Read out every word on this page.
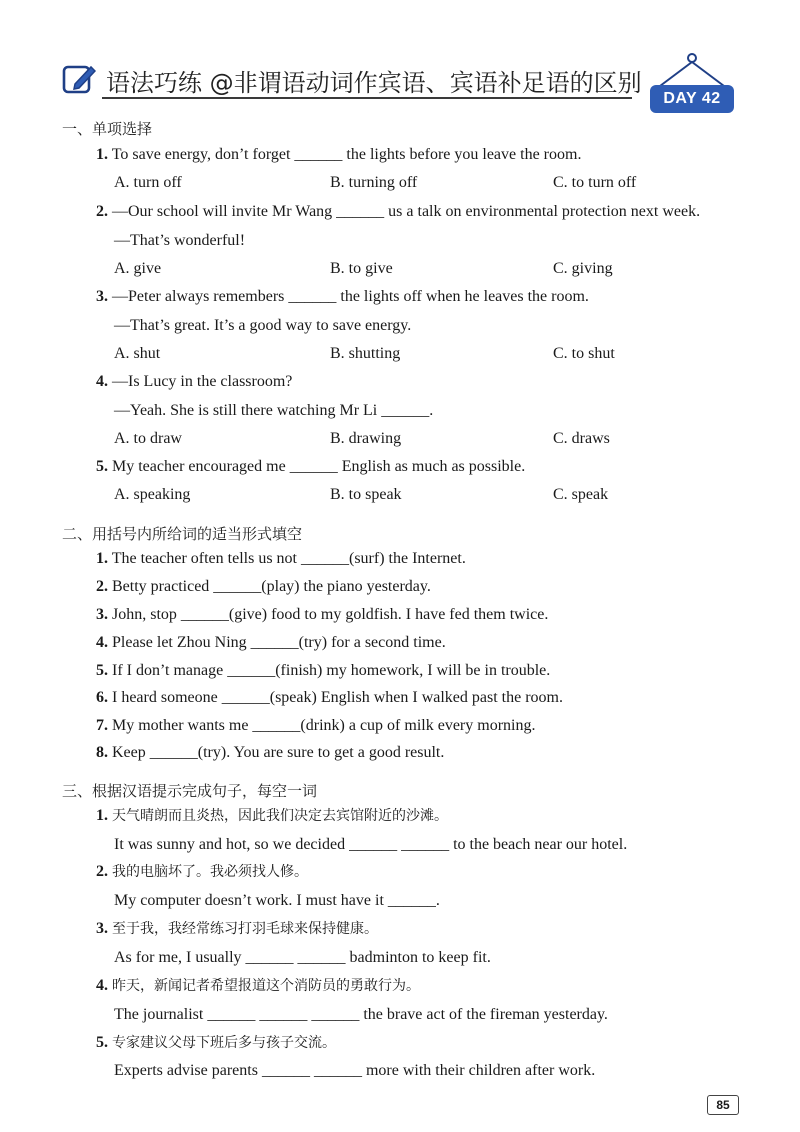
语法巧练 @非谓语动词作宾语、宾语补足语的区别
DAY 42
一、单项选择
1. To save energy, don’t forget ______ the lights before you leave the room.
A. turn off	B. turning off	C. to turn off
2. —Our school will invite Mr Wang ______ us a talk on environmental protection next week.
—That’s wonderful!
A. give	B. to give	C. giving
3. —Peter always remembers ______ the lights off when he leaves the room.
—That’s great. It’s a good way to save energy.
A. shut	B. shutting	C. to shut
4. —Is Lucy in the classroom?
—Yeah. She is still there watching Mr Li ______.
A. to draw	B. drawing	C. draws
5. My teacher encouraged me ______ English as much as possible.
A. speaking	B. to speak	C. speak
二、用括号内所给词的适当形式填空
1. The teacher often tells us not ______(surf) the Internet.
2. Betty practiced ______(play) the piano yesterday.
3. John, stop ______(give) food to my goldfish. I have fed them twice.
4. Please let Zhou Ning ______(try) for a second time.
5. If I don’t manage ______(finish) my homework, I will be in trouble.
6. I heard someone ______(speak) English when I walked past the room.
7. My mother wants me ______(drink) a cup of milk every morning.
8. Keep ______(try). You are sure to get a good result.
三、根据汉语提示完成句子，每空一词
1. 天气晴朗而且炎热，因此我们决定去宾馆附近的沙滩。
It was sunny and hot, so we decided ______ ______ to the beach near our hotel.
2. 我的电脑坏了。我必须找人修。
My computer doesn’t work. I must have it ______.
3. 至于我，我经常练习打羽毛球来保持健康。
As for me, I usually ______ ______ badminton to keep fit.
4. 昨天，新闻记者希望报道这个消防员的勇敢行为。
The journalist ______ ______ ______ the brave act of the fireman yesterday.
5. 专家建议父母下班后多与孩子交流。
Experts advise parents ______ ______ more with their children after work.
85
